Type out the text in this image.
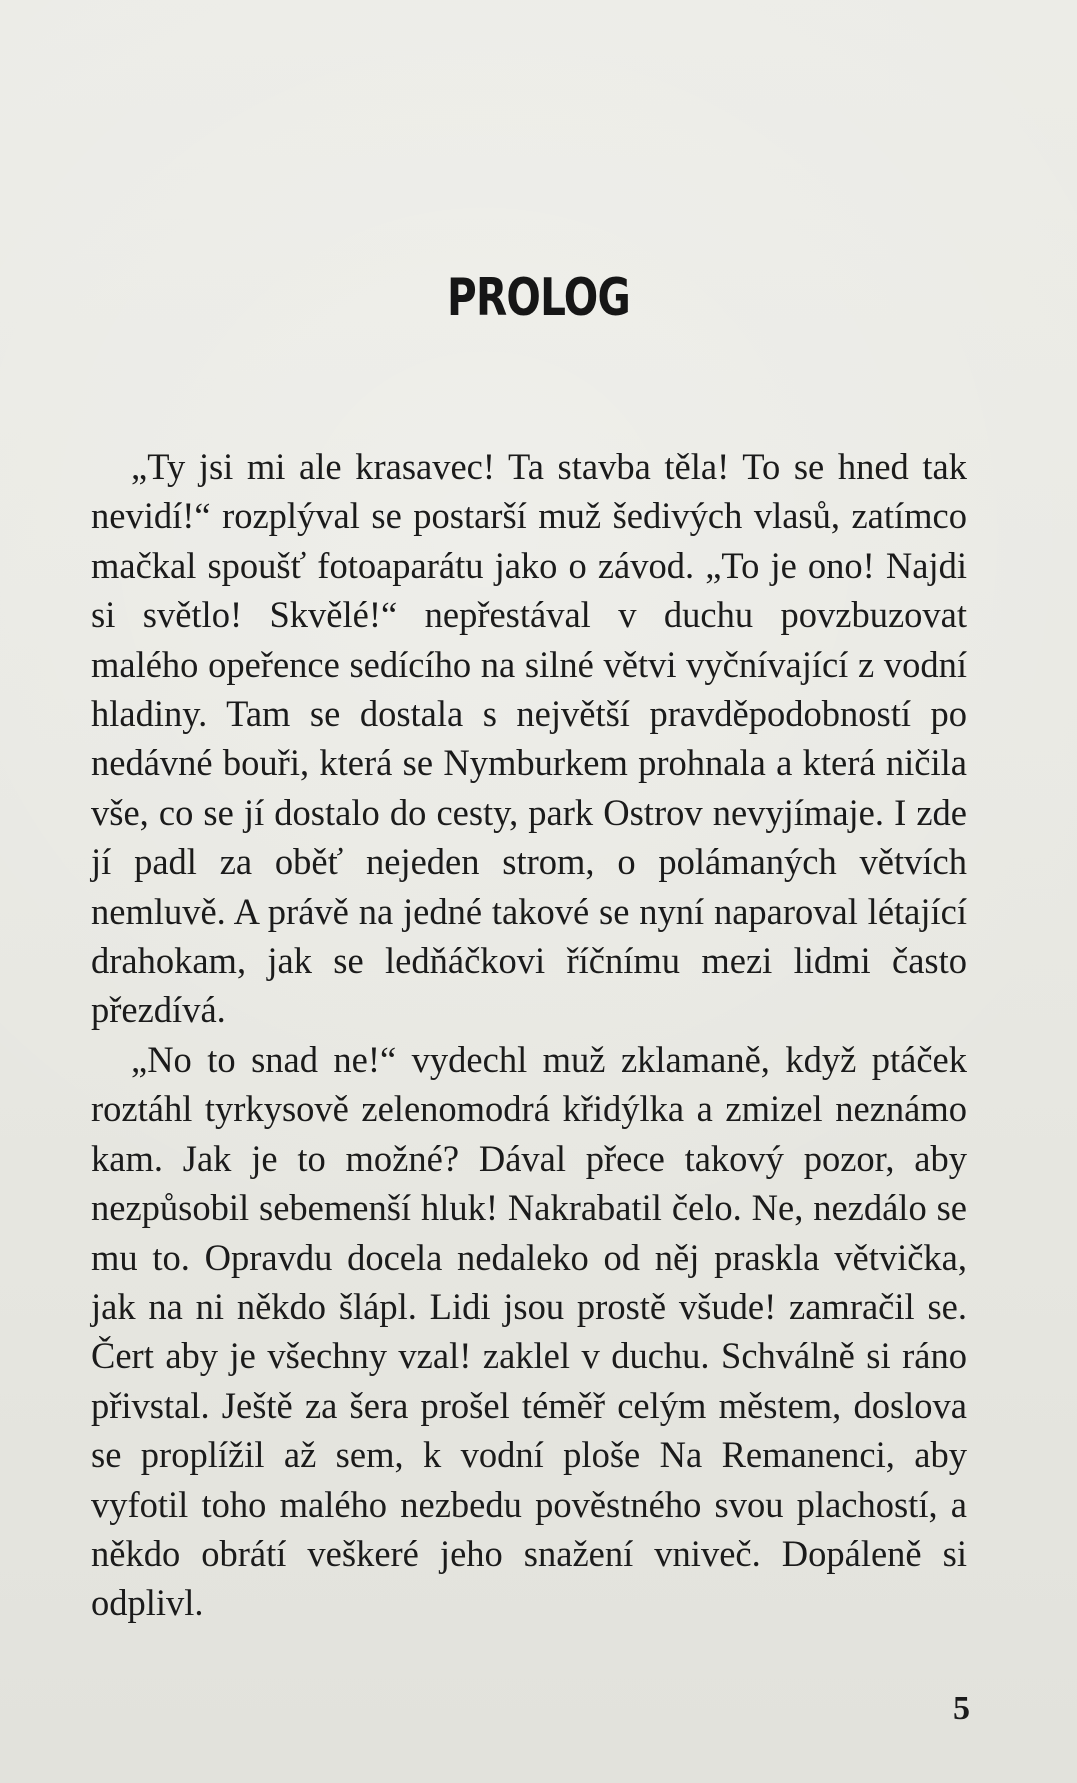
PROLOG

„Ty jsi mi ale krasavec! Ta stavba těla! To se hned tak nevidí!“ rozplýval se postarší muž šedivých vlasů, zatímco mačkal spoušť fotoaparátu jako o závod. „To je ono! Najdi si světlo! Skvělé!“ nepřestával v duchu povzbuzovat malého opeřence sedícího na silné větvi vyčnívající z vodní hladiny. Tam se dostala s největší pravděpodobností po nedávné bouři, která se Nymburkem prohnala a která ničila vše, co se jí dostalo do cesty, park Ostrov nevyjímaje. I zde jí padl za oběť nejeden strom, o polámaných větvích nemluvě. A právě na jedné takové se nyní naparoval létající drahokam, jak se ledňáčkovi říčnímu mezi lidmi často přezdívá.

„No to snad ne!“ vydechl muž zklamaně, když ptáček roztáhl tyrkysově zelenomodrá křidýlka a zmizel neznámo kam. Jak je to možné? Dával přece takový pozor, aby nezpůsobil sebemenší hluk! Nakrabatil čelo. Ne, nezdálo se mu to. Opravdu docela nedaleko od něj praskla větvička, jak na ni někdo šlápl. Lidi jsou prostě všude! zamračil se. Čert aby je všechny vzal! zaklel v duchu. Schválně si ráno přivstal. Ještě za šera prošel téměř celým městem, doslova se proplížil až sem, k vodní ploše Na Remanenci, aby vyfotil toho malého nezbedu pověstného svou plachostí, a někdo obrátí veškeré jeho snažení vniveč. Dopáleně si odplivl.

5
